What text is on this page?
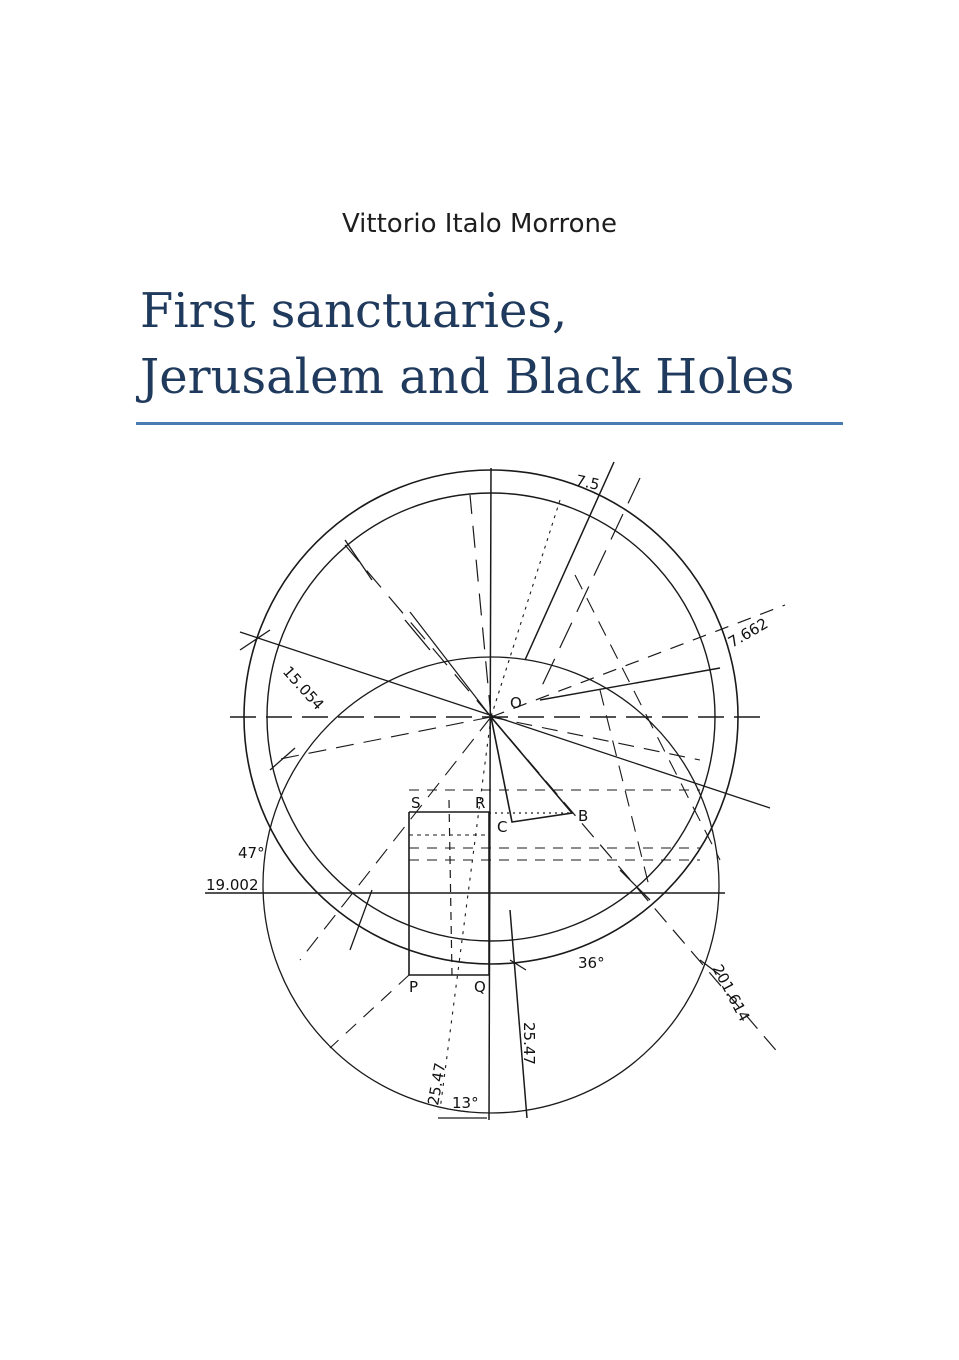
Vittorio Italo Morrone
First sanctuaries,
Jerusalem and Black Holes
O
S	R
C
B
P	Q
7.5
7.662
15.054
47°
19.002
36°	201.614
25.47
25.47 13°
